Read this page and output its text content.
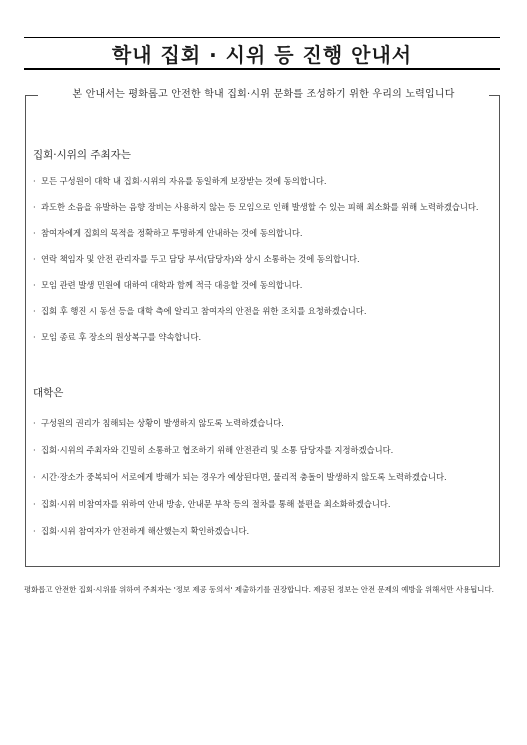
학내 집회 · 시위 등 진행 안내서
본 안내서는 평화롭고 안전한 학내 집회·시위 문화를 조성하기 위한 우리의 노력입니다
집회·시위의 주최자는
· 모든 구성원이 대학 내 집회·시위의 자유를 동일하게 보장받는 것에 동의합니다.
· 과도한 소음을 유발하는 음향 장비는 사용하지 않는 등 모임으로 인해 발생할 수 있는 피해 최소화를 위해 노력하겠습니다.
· 참여자에게 집회의 목적을 정확하고 투명하게 안내하는 것에 동의합니다.
· 연락 책임자 및 안전 관리자를 두고 담당 부서(담당자)와 상시 소통하는 것에 동의합니다.
· 모임 관련 발생 민원에 대하여 대학과 함께 적극 대응할 것에 동의합니다.
· 집회 후 행진 시 동선 등을 대학 측에 알리고 참여자의 안전을 위한 조치를 요청하겠습니다.
· 모임 종료 후 장소의 원상복구를 약속합니다.
대학은
· 구성원의 권리가 침해되는 상황이 발생하지 않도록 노력하겠습니다.
· 집회·시위의 주최자와 긴밀히 소통하고 협조하기 위해 안전관리 및 소통 담당자를 지정하겠습니다.
· 시간·장소가 중복되어 서로에게 방해가 되는 경우가 예상된다면, 물리적 충돌이 발생하지 않도록 노력하겠습니다.
· 집회·시위 비참여자를 위하여 안내 방송, 안내문 부착 등의 절차를 통해 불편을 최소화하겠습니다.
· 집회·시위 참여자가 안전하게 해산했는지 확인하겠습니다.
평화롭고 안전한 집회·시위를 위하여 주최자는 '정보 제공 동의서' 제출하기를 권장합니다. 제공된 정보는 안전 문제의 예방을 위해서만 사용됩니다.
